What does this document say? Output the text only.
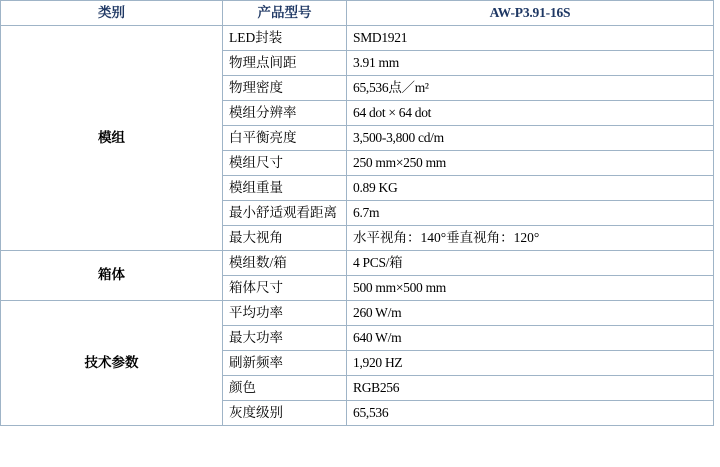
类别	产品型号	AW-P3.91-16S
模组	LED封装	SMD1921
	物理点间距	3.91 mm
	物理密度	65,536点／m²
	模组分辨率	64 dot × 64 dot
	白平衡亮度	3,500-3,800 cd/m
	模组尺寸	250 mm×250 mm
	模组重量	0.89 KG
	最小舒适观看距离	6.7m
	最大视角	水平视角：140°垂直视角：120°
箱体	模组数/箱	4 PCS/箱
	箱体尺寸	500 mm×500 mm
技术参数	平均功率	260 W/m
	最大功率	640 W/m
	刷新频率	1,920 HZ
	颜色	RGB256
	灰度级别	65,536
